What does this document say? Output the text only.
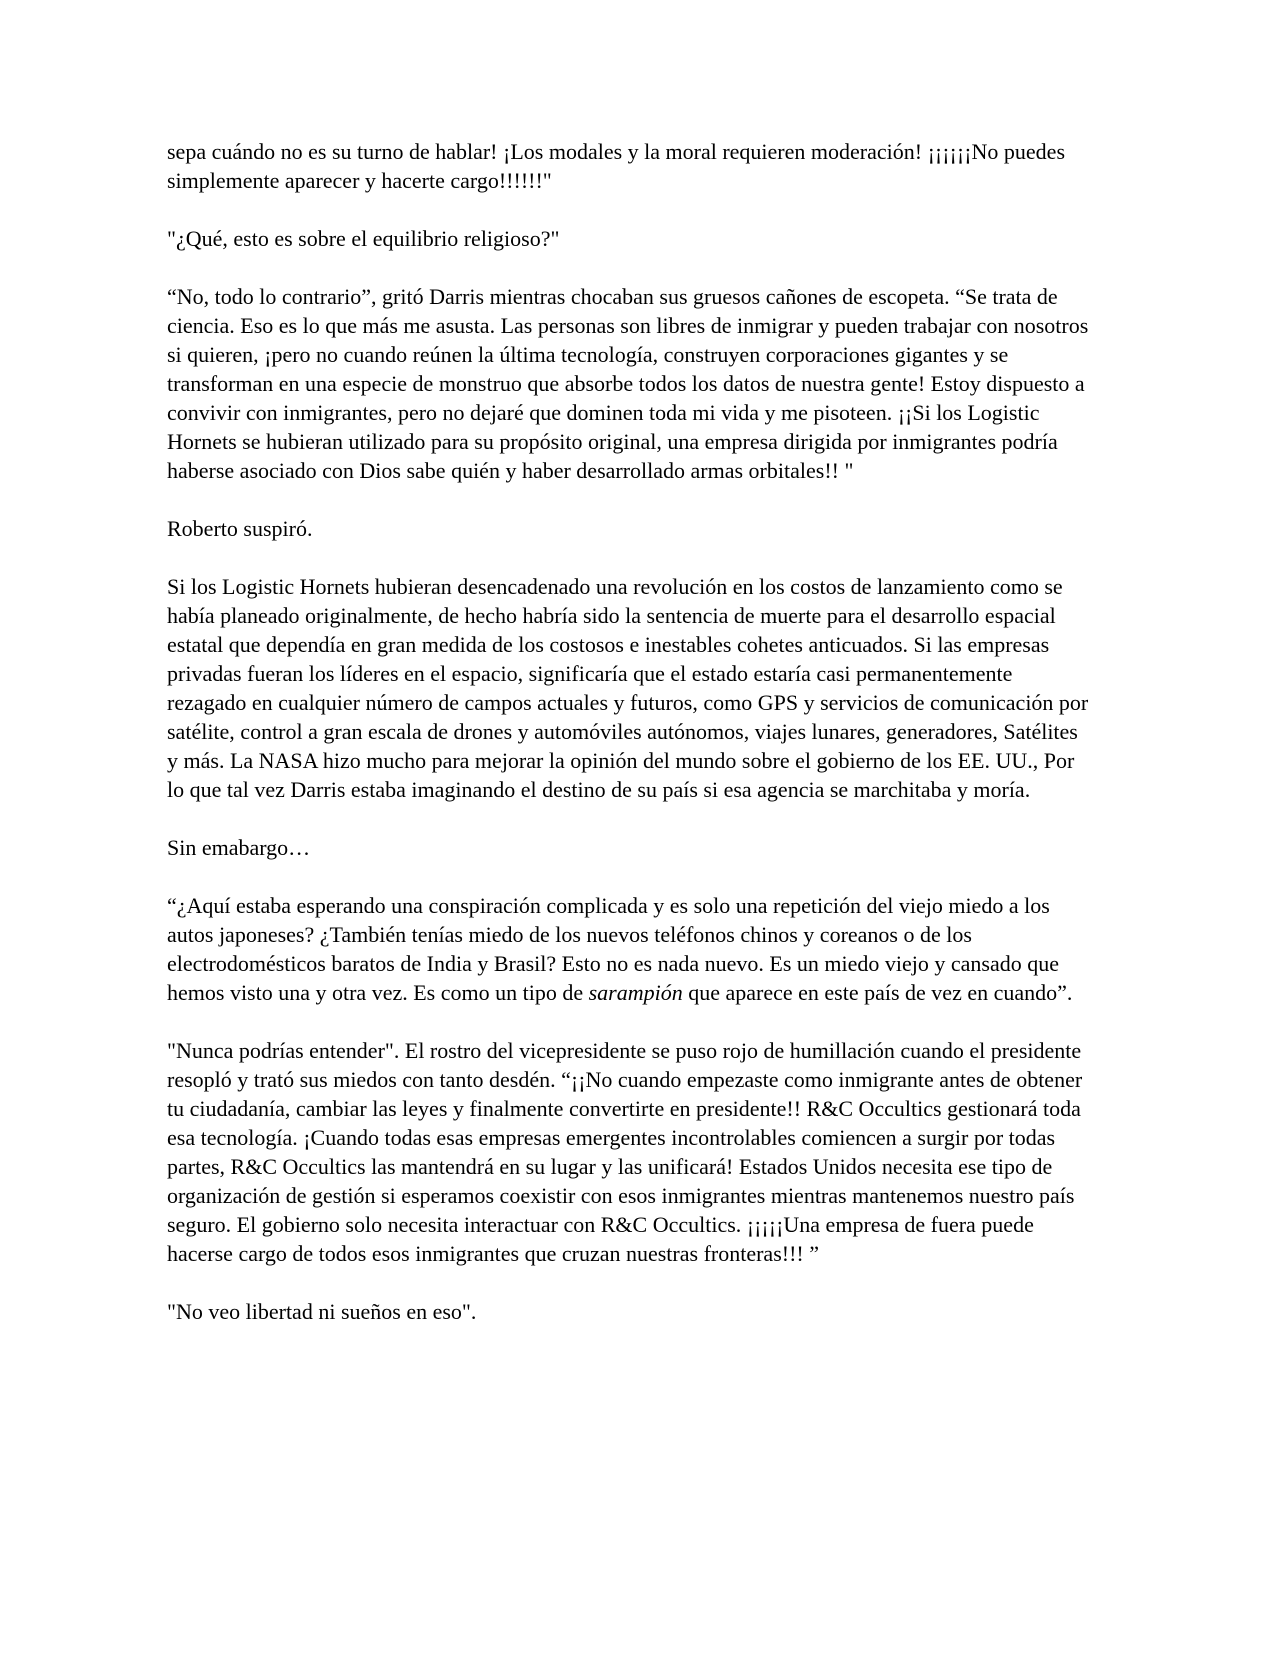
sepa cuándo no es su turno de hablar! ¡Los modales y la moral requieren moderación! ¡¡¡¡¡¡No puedes simplemente aparecer y hacerte cargo!!!!!!"

"¿Qué, esto es sobre el equilibrio religioso?"

“No, todo lo contrario”, gritó Darris mientras chocaban sus gruesos cañones de escopeta. “Se trata de ciencia. Eso es lo que más me asusta. Las personas son libres de inmigrar y pueden trabajar con nosotros si quieren, ¡pero no cuando reúnen la última tecnología, construyen corporaciones gigantes y se transforman en una especie de monstruo que absorbe todos los datos de nuestra gente! Estoy dispuesto a convivir con inmigrantes, pero no dejaré que dominen toda mi vida y me pisoteen. ¡¡Si los Logistic Hornets se hubieran utilizado para su propósito original, una empresa dirigida por inmigrantes podría haberse asociado con Dios sabe quién y haber desarrollado armas orbitales!! "

Roberto suspiró.

Si los Logistic Hornets hubieran desencadenado una revolución en los costos de lanzamiento como se había planeado originalmente, de hecho habría sido la sentencia de muerte para el desarrollo espacial estatal que dependía en gran medida de los costosos e inestables cohetes anticuados. Si las empresas privadas fueran los líderes en el espacio, significaría que el estado estaría casi permanentemente rezagado en cualquier número de campos actuales y futuros, como GPS y servicios de comunicación por satélite, control a gran escala de drones y automóviles autónomos, viajes lunares, generadores, Satélites y más. La NASA hizo mucho para mejorar la opinión del mundo sobre el gobierno de los EE. UU., Por lo que tal vez Darris estaba imaginando el destino de su país si esa agencia se marchitaba y moría.

Sin emabargo…

“¿Aquí estaba esperando una conspiración complicada y es solo una repetición del viejo miedo a los autos japoneses? ¿También tenías miedo de los nuevos teléfonos chinos y coreanos o de los electrodomésticos baratos de India y Brasil? Esto no es nada nuevo. Es un miedo viejo y cansado que hemos visto una y otra vez. Es como un tipo de sarampión que aparece en este país de vez en cuando”.

"Nunca podrías entender". El rostro del vicepresidente se puso rojo de humillación cuando el presidente resopló y trató sus miedos con tanto desdén. “¡¡No cuando empezaste como inmigrante antes de obtener tu ciudadanía, cambiar las leyes y finalmente convertirte en presidente!! R&C Occultics gestionará toda esa tecnología. ¡Cuando todas esas empresas emergentes incontrolables comiencen a surgir por todas partes, R&C Occultics las mantendrá en su lugar y las unificará! Estados Unidos necesita ese tipo de organización de gestión si esperamos coexistir con esos inmigrantes mientras mantenemos nuestro país seguro. El gobierno solo necesita interactuar con R&C Occultics. ¡¡¡¡¡Una empresa de fuera puede hacerse cargo de todos esos inmigrantes que cruzan nuestras fronteras!!! ”

"No veo libertad ni sueños en eso".
